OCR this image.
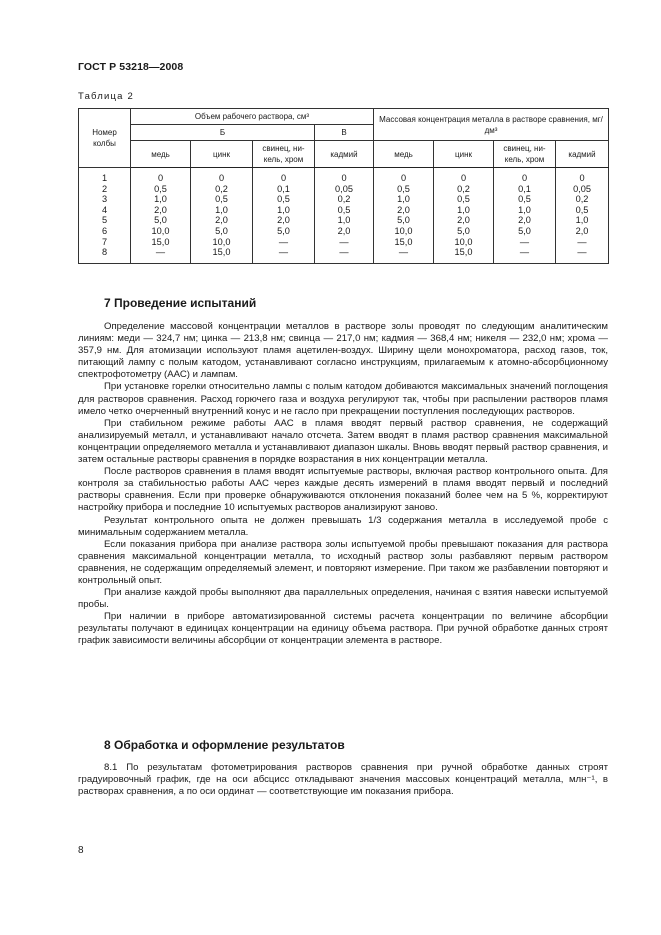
ГОСТ Р 53218—2008
Таблица 2
Номер колбы	Объем рабочего раствора, см³				Массовая концентрация металла в растворе сравнения, мг/дм³			
	Б			В				
	медь	цинк	свинец, ни-кель, хром	кадмий	медь	цинк	свинец, ни-кель, хром	кадмий
1	0	0	0	0	0	0	0	0
2	0,5	0,2	0,1	0,05	0,5	0,2	0,1	0,05
3	1,0	0,5	0,5	0,2	1,0	0,5	0,5	0,2
4	2,0	1,0	1,0	0,5	2,0	1,0	1,0	0,5
5	5,0	2,0	2,0	1,0	5,0	2,0	2,0	1,0
6	10,0	5,0	5,0	2,0	10,0	5,0	5,0	2,0
7	15,0	10,0	—	—	15,0	10,0	—	—
8	—	15,0	—	—	—	15,0	—	—
7 Проведение испытаний

Определение массовой концентрации металлов в растворе золы проводят по следующим аналитическим линиям: меди — 324,7 нм; цинка — 213,8 нм; свинца — 217,0 нм; кадмия — 368,4 нм; никеля — 232,0 нм; хрома — 357,9 нм. Для атомизации используют пламя ацетилен-воздух. Ширину щели монохроматора, расход газов, ток, питающий лампу с полым катодом, устанавливают согласно инструкциям, прилагаемым к атомно-абсорбционному спектрофотометру (ААС) и лампам.

При установке горелки относительно лампы с полым катодом добиваются максимальных значений поглощения для растворов сравнения. Расход горючего газа и воздуха регулируют так, чтобы при распылении растворов пламя имело четко очерченный внутренний конус и не гасло при прекращении поступления последующих растворов.

При стабильном режиме работы ААС в пламя вводят первый раствор сравнения, не содержащий анализируемый металл, и устанавливают начало отсчета. Затем вводят в пламя раствор сравнения максимальной концентрации определяемого металла и устанавливают диапазон шкалы. Вновь вводят первый раствор сравнения, и затем остальные растворы сравнения в порядке возрастания в них концентрации металла.

После растворов сравнения в пламя вводят испытуемые растворы, включая раствор контрольного опыта. Для контроля за стабильностью работы ААС через каждые десять измерений в пламя вводят первый и последний растворы сравнения. Если при проверке обнаруживаются отклонения показаний более чем на 5 %, корректируют настройку прибора и последние 10 испытуемых растворов анализируют заново.

Результат контрольного опыта не должен превышать 1/3 содержания металла в исследуемой пробе с минимальным содержанием металла.

Если показания прибора при анализе раствора золы испытуемой пробы превышают показания для раствора сравнения максимальной концентрации металла, то исходный раствор золы разбавляют первым раствором сравнения, не содержащим определяемый элемент, и повторяют измерение. При таком же разбавлении повторяют и контрольный опыт.

При анализе каждой пробы выполняют два параллельных определения, начиная с взятия навески испытуемой пробы.

При наличии в приборе автоматизированной системы расчета концентрации по величине абсорбции результаты получают в единицах концентрации на единицу объема раствора. При ручной обработке данных строят график зависимости величины абсорбции от концентрации элемента в растворе.

8 Обработка и оформление результатов

8.1 По результатам фотометрирования растворов сравнения при ручной обработке данных строят градуировочный график, где на оси абсцисс откладывают значения массовых концентраций металла, млн⁻¹, в растворах сравнения, а по оси ординат — соответствующие им показания прибора.

8
